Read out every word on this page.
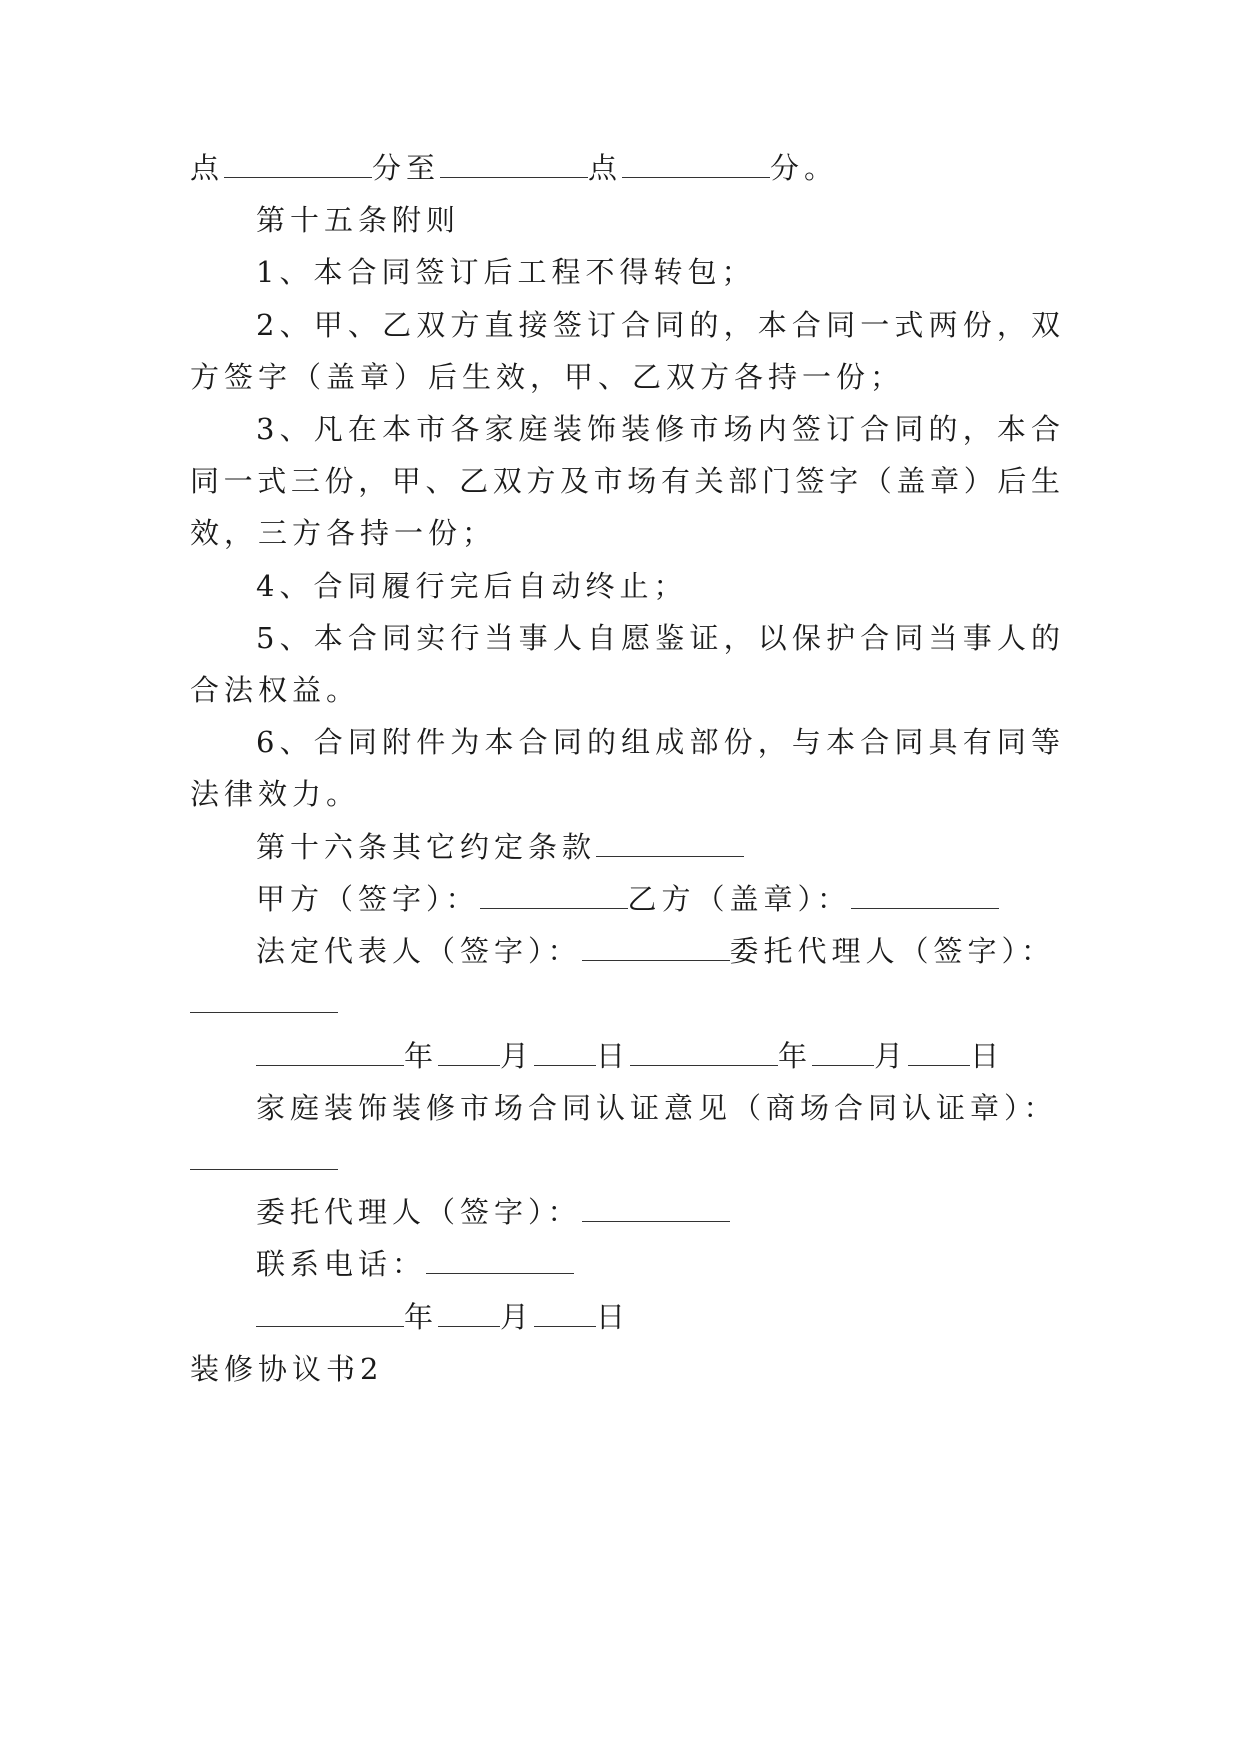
点	分至	点	分。
第十五条附则
1、本合同签订后工程不得转包；
2、甲、乙双方直接签订合同的，本合同一式两份，双
方签字（盖章）后生效，甲、乙双方各持一份；
3、凡在本市各家庭装饰装修市场内签订合同的，本合
同一式三份，甲、乙双方及市场有关部门签字（盖章）后生
效，三方各持一份；
4、合同履行完后自动终止；
5、本合同实行当事人自愿鉴证，以保护合同当事人的
合法权益。
6、合同附件为本合同的组成部份，与本合同具有同等
法律效力。
第十六条其它约定条款
甲方（签字）：	乙方（盖章）：
法定代表人（签字）：	委托代理人（签字）：
年 月 日	年 月 日
家庭装饰装修市场合同认证意见（商场合同认证章）：
委托代理人（签字）：
联系电话：
年 月 日
装修协议书2
